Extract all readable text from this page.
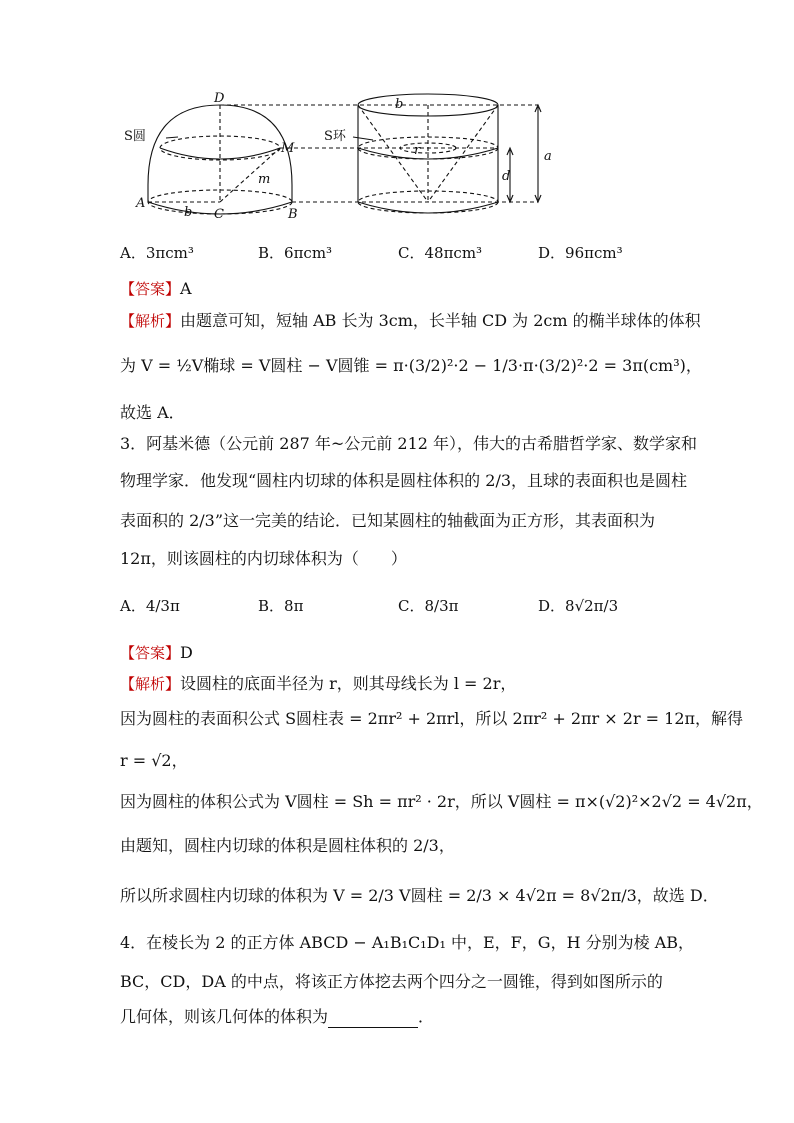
D
S圆
M
m
A
b C	B
b
S环
r	a
d
A．3πcm³	B．6πcm³	C．48πcm³	D．96πcm³
【答案】A
【解析】由题意可知，短轴 AB 长为 3cm，长半轴 CD 为 2cm 的椭半球体的体积
为 V = ½V椭球 = V圆柱 − V圆锥 = π·(3/2)²·2 − 1/3·π·(3/2)²·2 = 3π(cm³)，
故选 A．
3．阿基米德（公元前 287 年~公元前 212 年），伟大的古希腊哲学家、数学家和
物理学家．他发现“圆柱内切球的体积是圆柱体积的 2/3，且球的表面积也是圆柱
表面积的 2/3”这一完美的结论．已知某圆柱的轴截面为正方形，其表面积为
12π，则该圆柱的内切球体积为（　　）
A．4/3π	B．8π	C．8/3π	D．8√2π/3
【答案】D
【解析】设圆柱的底面半径为 r，则其母线长为 l = 2r，
因为圆柱的表面积公式 S圆柱表 = 2πr² + 2πrl，所以 2πr² + 2πr × 2r = 12π，解得
r = √2，
因为圆柱的体积公式为 V圆柱 = Sh = πr² · 2r，所以 V圆柱 = π×(√2)²×2√2 = 4√2π，
由题知，圆柱内切球的体积是圆柱体积的 2/3，
所以所求圆柱内切球的体积为 V = 2/3 V圆柱 = 2/3 × 4√2π = 8√2π/3，故选 D．
4．在棱长为 2 的正方体 ABCD − A₁B₁C₁D₁ 中，E，F，G，H 分别为棱 AB，
BC，CD，DA 的中点，将该正方体挖去两个四分之一圆锥，得到如图所示的
几何体，则该几何体的体积为	．
